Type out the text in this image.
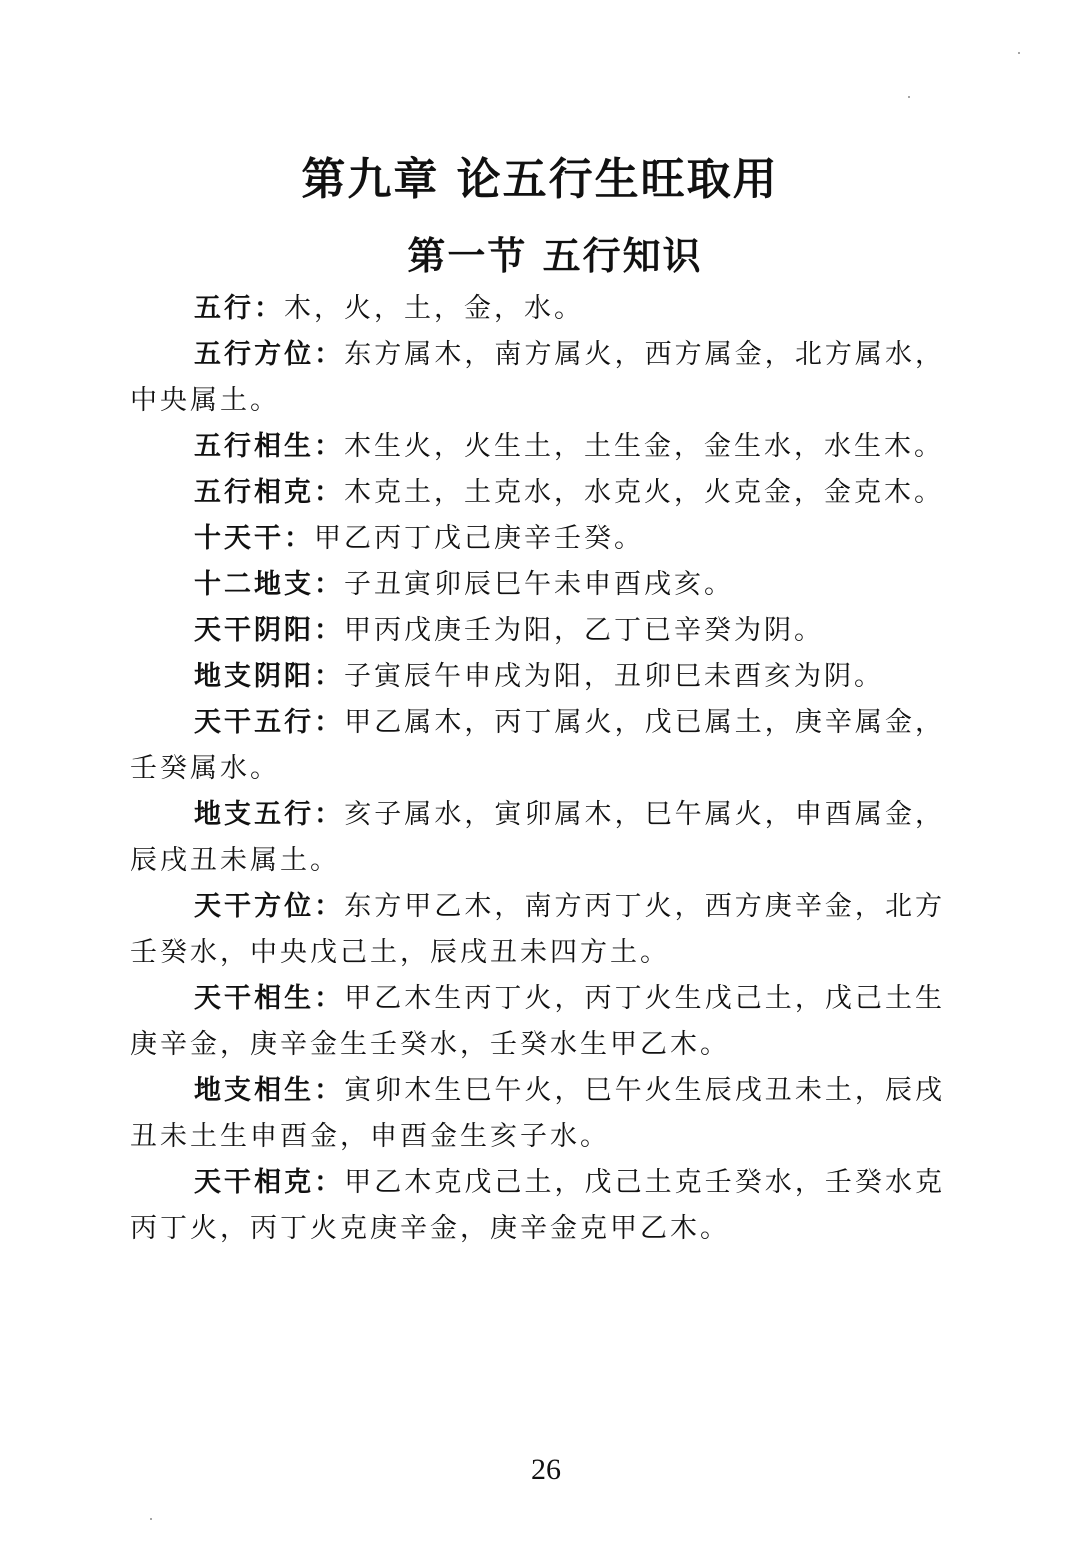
第九章 论五行生旺取用
第一节 五行知识

五行：木，火，土，金，水。

五行方位：东方属木，南方属火，西方属金，北方属水，中央属土。

五行相生：木生火，火生土，土生金，金生水，水生木。

五行相克：木克土，土克水，水克火，火克金，金克木。

十天干：甲乙丙丁戊己庚辛壬癸。

十二地支：子丑寅卯辰巳午未申酉戌亥。

天干阴阳：甲丙戊庚壬为阳，乙丁已辛癸为阴。

地支阴阳：子寅辰午申戌为阳，丑卯巳未酉亥为阴。

天干五行：甲乙属木，丙丁属火，戊已属土，庚辛属金，壬癸属水。

地支五行：亥子属水，寅卯属木，巳午属火，申酉属金，辰戌丑未属土。

天干方位：东方甲乙木，南方丙丁火，西方庚辛金，北方壬癸水，中央戊己土，辰戌丑未四方土。

天干相生：甲乙木生丙丁火，丙丁火生戊己土，戊己土生庚辛金，庚辛金生壬癸水，壬癸水生甲乙木。

地支相生：寅卯木生巳午火，巳午火生辰戌丑未土，辰戌丑未土生申酉金，申酉金生亥子水。

天干相克：甲乙木克戊己土，戊己土克壬癸水，壬癸水克丙丁火，丙丁火克庚辛金，庚辛金克甲乙木。

26
